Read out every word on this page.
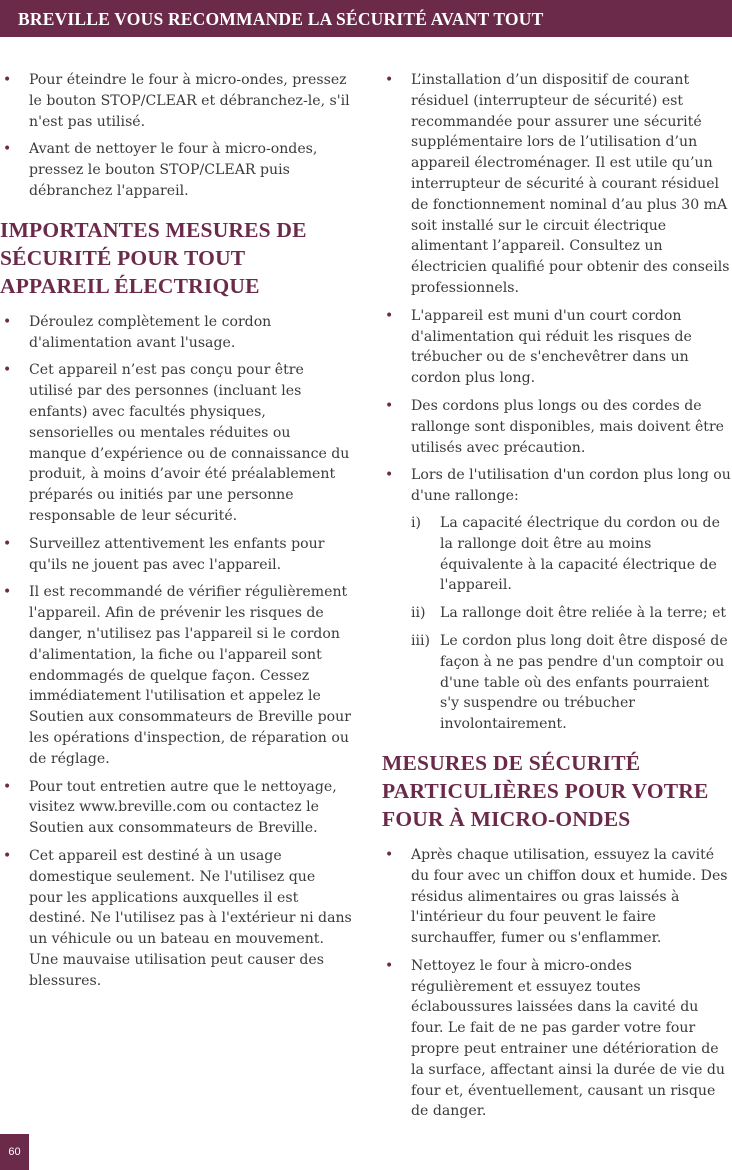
BREVILLE VOUS RECOMMANDE LA SÉCURITÉ AVANT TOUT
• Pour éteindre le four à micro-ondes, pressez le bouton STOP/CLEAR et débranchez-le, s'il n'est pas utilisé.
• Avant de nettoyer le four à micro-ondes, pressez le bouton STOP/CLEAR puis débranchez l'appareil.
IMPORTANTES MESURES DE SÉCURITÉ POUR TOUT APPAREIL ÉLECTRIQUE
• Déroulez complètement le cordon d'alimentation avant l'usage.
• Cet appareil n’est pas conçu pour être utilisé par des personnes (incluant les enfants) avec facultés physiques, sensorielles ou mentales réduites ou manque d’expérience ou de connaissance du produit, à moins d’avoir été préalablement préparés ou initiés par une personne responsable de leur sécurité.
• Surveillez attentivement les enfants pour qu'ils ne jouent pas avec l'appareil.
• Il est recommandé de vérifier régulièrement l'appareil. Afin de prévenir les risques de danger, n'utilisez pas l'appareil si le cordon d'alimentation, la fiche ou l'appareil sont endommagés de quelque façon. Cessez immédiatement l'utilisation et appelez le Soutien aux consommateurs de Breville pour les opérations d'inspection, de réparation ou de réglage.
• Pour tout entretien autre que le nettoyage, visitez www.breville.com ou contactez le Soutien aux consommateurs de Breville.
• Cet appareil est destiné à un usage domestique seulement. Ne l'utilisez que pour les applications auxquelles il est destiné. Ne l'utilisez pas à l'extérieur ni dans un véhicule ou un bateau en mouvement. Une mauvaise utilisation peut causer des blessures.
• L’installation d’un dispositif de courant résiduel (interrupteur de sécurité) est recommandée pour assurer une sécurité supplémentaire lors de l’utilisation d’un appareil électroménager. Il est utile qu’un interrupteur de sécurité à courant résiduel de fonctionnement nominal d’au plus 30 mA soit installé sur le circuit électrique alimentant l’appareil. Consultez un électricien qualifié pour obtenir des conseils professionnels.
• L'appareil est muni d'un court cordon d'alimentation qui réduit les risques de trébucher ou de s'enchevêtrer dans un cordon plus long.
• Des cordons plus longs ou des cordes de rallonge sont disponibles, mais doivent être utilisés avec précaution.
• Lors de l'utilisation d'un cordon plus long ou d'une rallonge:
i) La capacité électrique du cordon ou de la rallonge doit être au moins équivalente à la capacité électrique de l'appareil.
ii) La rallonge doit être reliée à la terre; et
iii) Le cordon plus long doit être disposé de façon à ne pas pendre d'un comptoir ou d'une table où des enfants pourraient s'y suspendre ou trébucher involontairement.
MESURES DE SÉCURITÉ PARTICULIÈRES POUR VOTRE FOUR À MICRO-ONDES
• Après chaque utilisation, essuyez la cavité du four avec un chiffon doux et humide. Des résidus alimentaires ou gras laissés à l'intérieur du four peuvent le faire surchauffer, fumer ou s'enflammer.
• Nettoyez le four à micro-ondes régulièrement et essuyez toutes éclaboussures laissées dans la cavité du four. Le fait de ne pas garder votre four propre peut entrainer une détérioration de la surface, affectant ainsi la durée de vie du four et, éventuellement, causant un risque de danger.
60
